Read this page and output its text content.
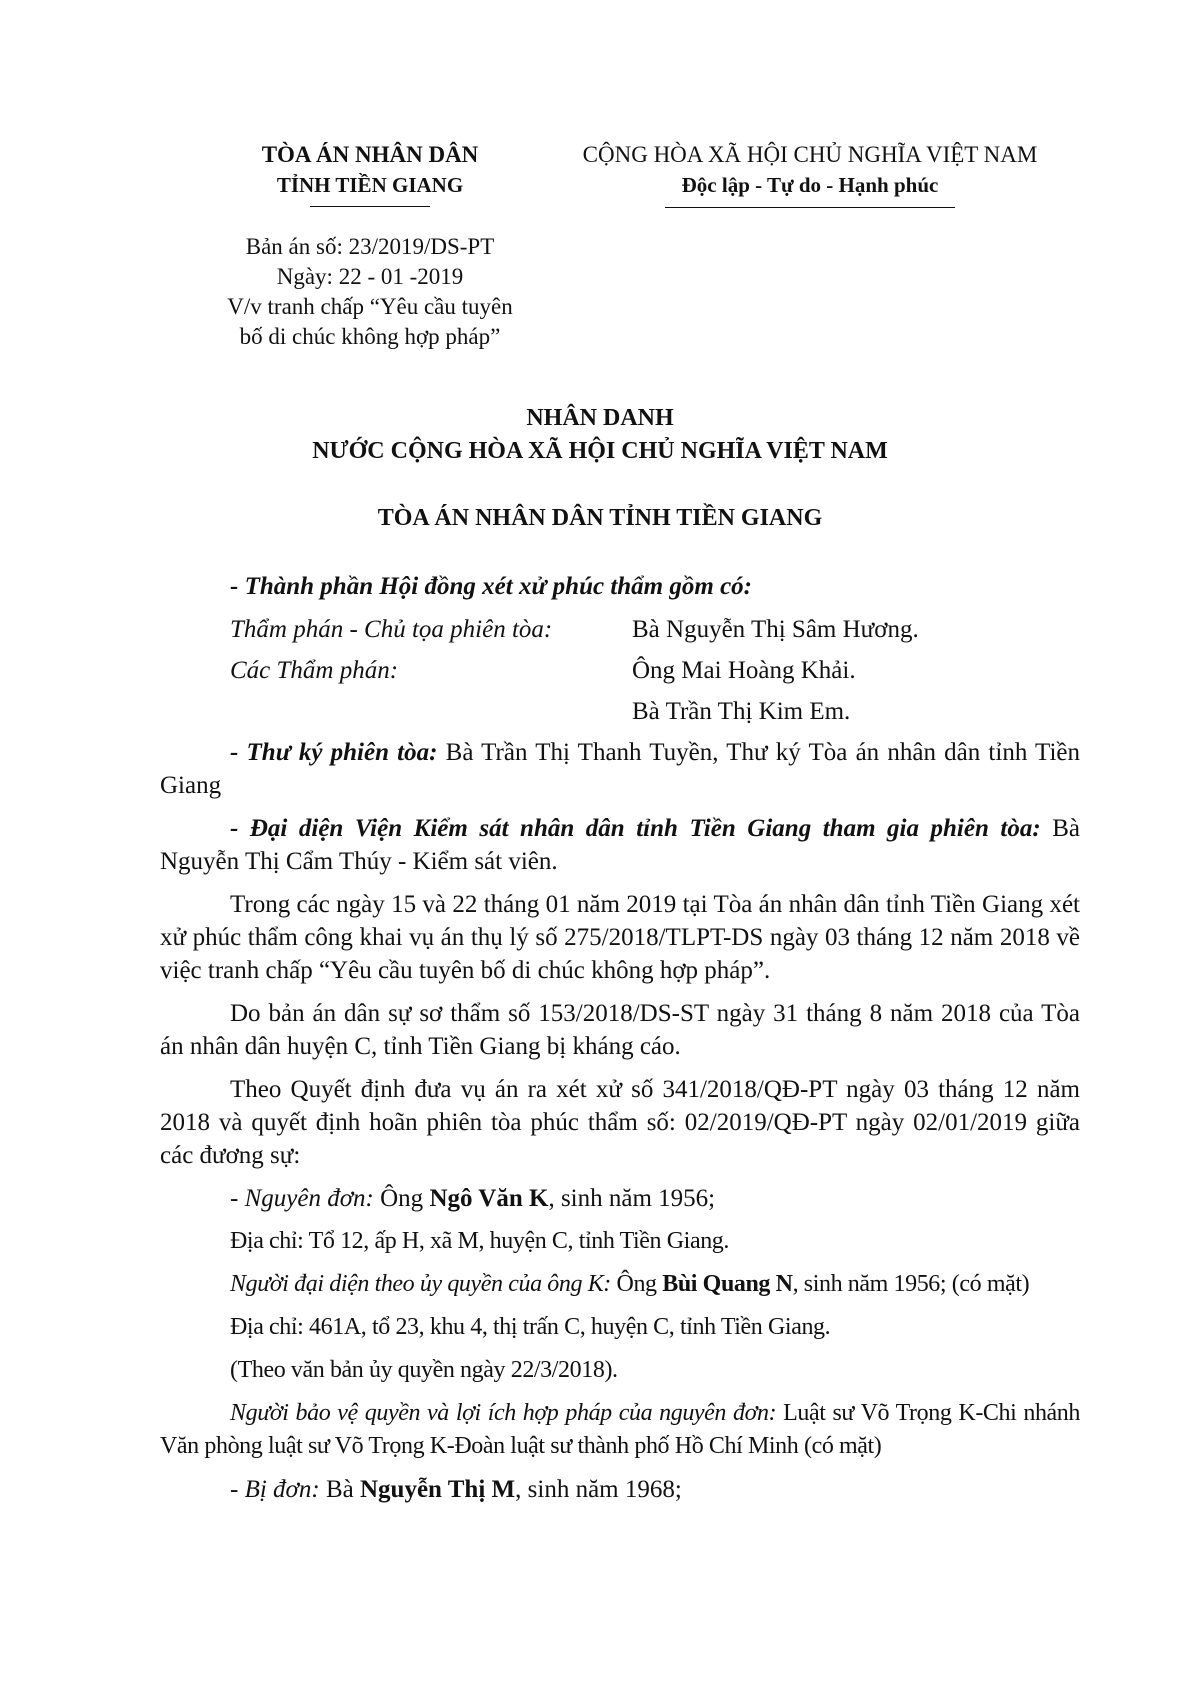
TÒA ÁN NHÂN DÂN
TỈNH TIỀN GIANG
CỘNG HÒA XÃ HỘI CHỦ NGHĨA VIỆT NAM
Độc lập - Tự do - Hạnh phúc
Bản án số: 23/2019/DS-PT
Ngày: 22 - 01 -2019
V/v tranh chấp “Yêu cầu tuyên
bố di chúc không hợp pháp”
NHÂN DANH
NƯỚC CỘNG HÒA XÃ HỘI CHỦ NGHĨA VIỆT NAM
TÒA ÁN NHÂN DÂN TỈNH TIỀN GIANG

- Thành phần Hội đồng xét xử phúc thẩm gồm có:

Thẩm phán - Chủ tọa phiên tòa:	Bà Nguyễn Thị Sâm Hương.
Các Thẩm phán:	Ông Mai Hoàng Khải.
Bà Trần Thị Kim Em.

- Thư ký phiên tòa: Bà Trần Thị Thanh Tuyền, Thư ký Tòa án nhân dân tỉnh Tiền Giang

- Đại diện Viện Kiểm sát nhân dân tỉnh Tiền Giang tham gia phiên tòa: Bà Nguyễn Thị Cẩm Thúy - Kiểm sát viên.

Trong các ngày 15 và 22 tháng 01 năm 2019 tại Tòa án nhân dân tỉnh Tiền Giang xét xử phúc thẩm công khai vụ án thụ lý số 275/2018/TLPT-DS ngày 03 tháng 12 năm 2018 về việc tranh chấp “Yêu cầu tuyên bố di chúc không hợp pháp”.

Do bản án dân sự sơ thẩm số 153/2018/DS-ST ngày 31 tháng 8 năm 2018 của Tòa án nhân dân huyện C, tỉnh Tiền Giang bị kháng cáo.

Theo Quyết định đưa vụ án ra xét xử số 341/2018/QĐ-PT ngày 03 tháng 12 năm 2018 và quyết định hoãn phiên tòa phúc thẩm số: 02/2019/QĐ-PT ngày 02/01/2019 giữa các đương sự:

- Nguyên đơn: Ông Ngô Văn K, sinh năm 1956;

Địa chỉ: Tổ 12, ấp H, xã M, huyện C, tỉnh Tiền Giang.

Người đại diện theo ủy quyền của ông K: Ông Bùi Quang N, sinh năm 1956; (có mặt)

Địa chỉ: 461A, tổ 23, khu 4, thị trấn C, huyện C, tỉnh Tiền Giang.

(Theo văn bản ủy quyền ngày 22/3/2018).

Người bảo vệ quyền và lợi ích hợp pháp của nguyên đơn: Luật sư Võ Trọng K-Chi nhánh Văn phòng luật sư Võ Trọng K-Đoàn luật sư thành phố Hồ Chí Minh (có mặt)

- Bị đơn: Bà Nguyễn Thị M, sinh năm 1968;
